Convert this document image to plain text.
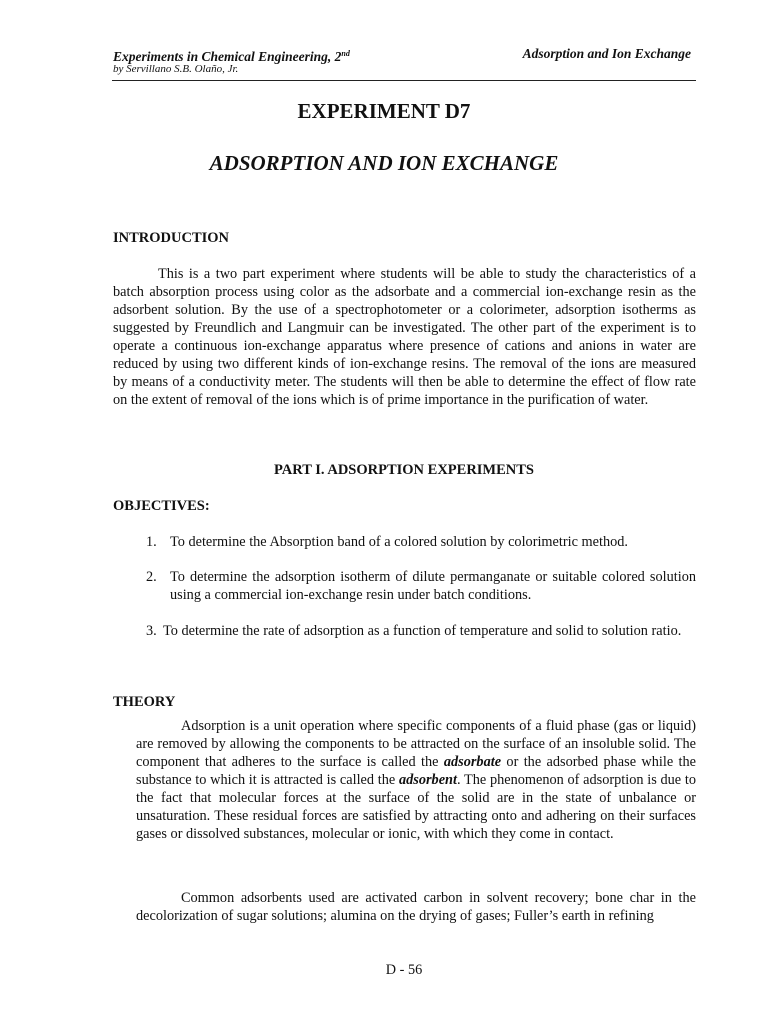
Experiments in Chemical Engineering, 2nd
by Servillano S.B. Olaño, Jr.
Adsorption and Ion Exchange
EXPERIMENT D7
ADSORPTION AND ION EXCHANGE
INTRODUCTION
This is a two part experiment where students will be able to study the characteristics of a batch absorption process using color as the adsorbate and a commercial ion-exchange resin as the adsorbent solution. By the use of a spectrophotometer or a colorimeter, adsorption isotherms as suggested by Freundlich and Langmuir can be investigated. The other part of the experiment is to operate a continuous ion-exchange apparatus where presence of cations and anions in water are reduced by using two different kinds of ion-exchange resins. The removal of the ions are measured by means of a conductivity meter. The students will then be able to determine the effect of flow rate on the extent of removal of the ions which is of prime importance in the purification of water.
PART I. ADSORPTION EXPERIMENTS
OBJECTIVES:
1. To determine the Absorption band of a colored solution by colorimetric method.
2. To determine the adsorption isotherm of dilute permanganate or suitable colored solution using a commercial ion-exchange resin under batch conditions.
3. To determine the rate of adsorption as a function of temperature and solid to solution ratio.
THEORY
Adsorption is a unit operation where specific components of a fluid phase (gas or liquid) are removed by allowing the components to be attracted on the surface of an insoluble solid. The component that adheres to the surface is called the adsorbate or the adsorbed phase while the substance to which it is attracted is called the adsorbent. The phenomenon of adsorption is due to the fact that molecular forces at the surface of the solid are in the state of unbalance or unsaturation. These residual forces are satisfied by attracting onto and adhering on their surfaces gases or dissolved substances, molecular or ionic, with which they come in contact.
Common adsorbents used are activated carbon in solvent recovery; bone char in the decolorization of sugar solutions; alumina on the drying of gases; Fuller’s earth in refining
D - 56
